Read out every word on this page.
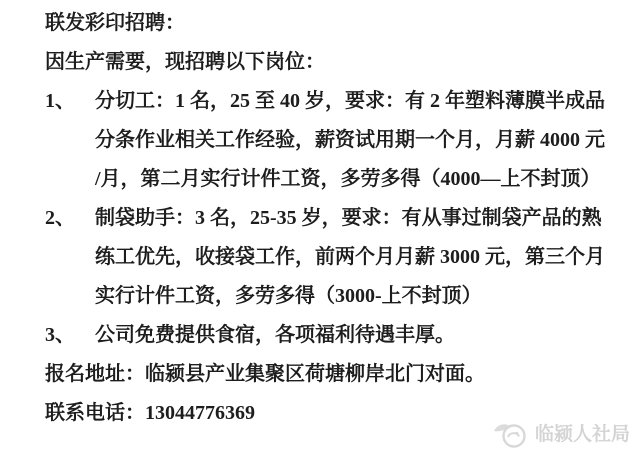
联发彩印招聘：
因生产需要，现招聘以下岗位：
1、	分切工：1 名，25 至 40 岁，要求：有 2 年塑料薄膜半成品
分条作业相关工作经验，薪资试用期一个月，月薪 4000 元
/月，第二月实行计件工资，多劳多得（4000—上不封顶）
2、	制袋助手：3 名，25-35 岁，要求：有从事过制袋产品的熟
练工优先，收接袋工作，前两个月月薪 3000 元，第三个月
实行计件工资，多劳多得（3000-上不封顶）
3、	公司免费提供食宿，各项福利待遇丰厚。
报名地址：临颍县产业集聚区荷塘柳岸北门对面。
联系电话：13044776369
临颍人社局
